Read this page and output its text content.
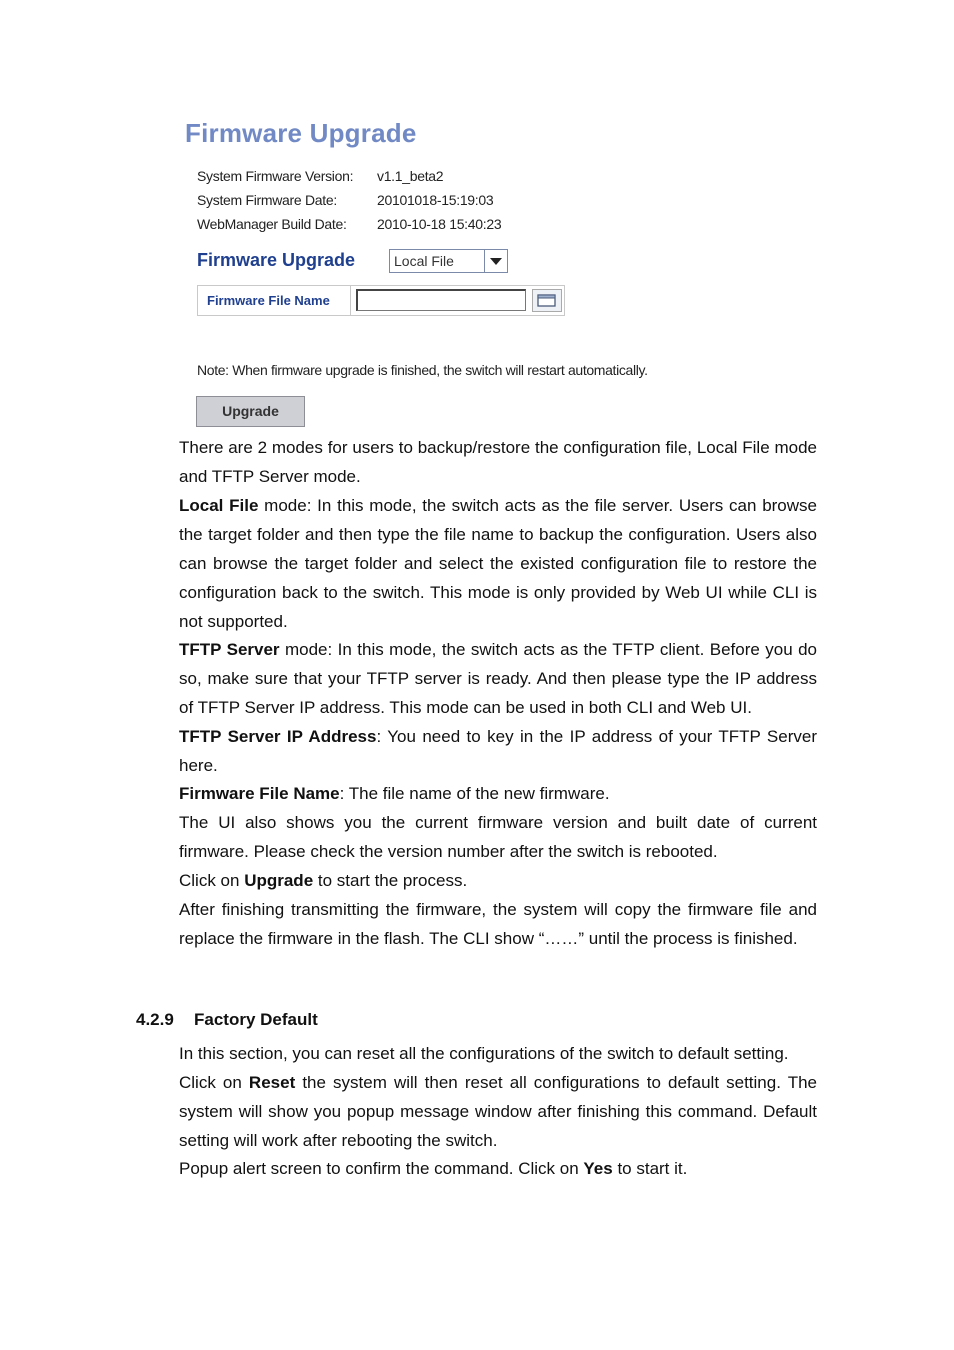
Firmware Upgrade
System Firmware Version: v1.1_beta2
System Firmware Date:	20101018-15:19:03
WebManager Build Date: 2010-10-18 15:40:23
Firmware Upgrade	Local File
Firmware File Name
Note: When firmware upgrade is finished, the switch will restart automatically.
Upgrade
There are 2 modes for users to backup/restore the configuration file, Local File mode and TFTP Server mode.
Local File mode: In this mode, the switch acts as the file server. Users can browse the target folder and then type the file name to backup the configuration. Users also can browse the target folder and select the existed configuration file to restore the configuration back to the switch. This mode is only provided by Web UI while CLI is not supported.
TFTP Server mode: In this mode, the switch acts as the TFTP client. Before you do so, make sure that your TFTP server is ready. And then please type the IP address of TFTP Server IP address. This mode can be used in both CLI and Web UI.
TFTP Server IP Address: You need to key in the IP address of your TFTP Server here.
Firmware File Name: The file name of the new firmware.
The UI also shows you the current firmware version and built date of current firmware. Please check the version number after the switch is rebooted.
Click on Upgrade to start the process.
After finishing transmitting the firmware, the system will copy the firmware file and replace the firmware in the flash. The CLI show “……” until the process is finished.
4.2.9 Factory Default
In this section, you can reset all the configurations of the switch to default setting.
Click on Reset the system will then reset all configurations to default setting. The system will show you popup message window after finishing this command. Default setting will work after rebooting the switch.
Popup alert screen to confirm the command. Click on Yes to start it.
